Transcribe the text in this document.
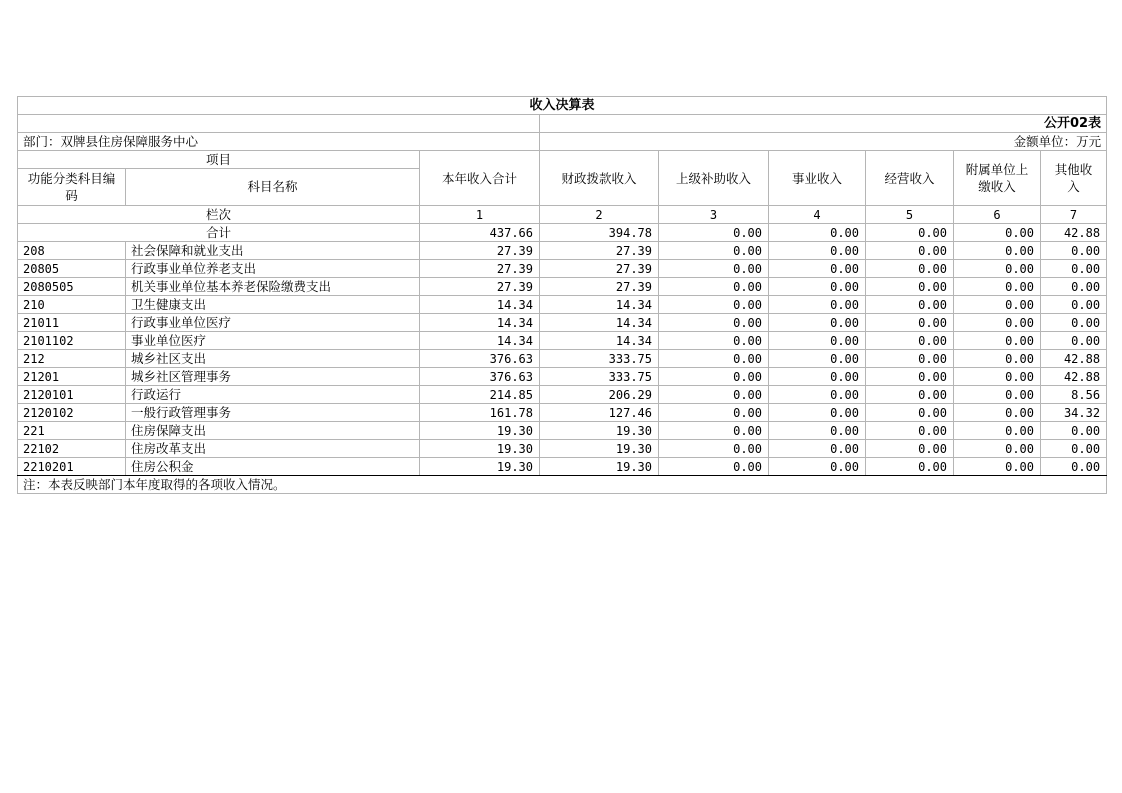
收入决算表								
			公开02表					
部门：双牌县住房保障服务中心			金额单位：万元					
项目		本年收入合计	财政拨款收入	上级补助收入	事业收入	经营收入	附属单位上缴收入	其他收入
功能分类科目编码	科目名称							
栏次		1	2	3	4	5	6	7
合计		437.66	394.78	0.00	0.00	0.00	0.00	42.88
208	社会保障和就业支出	27.39	27.39	0.00	0.00	0.00	0.00	0.00
20805	行政事业单位养老支出	27.39	27.39	0.00	0.00	0.00	0.00	0.00
2080505	机关事业单位基本养老保险缴费支出	27.39	27.39	0.00	0.00	0.00	0.00	0.00
210	卫生健康支出	14.34	14.34	0.00	0.00	0.00	0.00	0.00
21011	行政事业单位医疗	14.34	14.34	0.00	0.00	0.00	0.00	0.00
2101102	事业单位医疗	14.34	14.34	0.00	0.00	0.00	0.00	0.00
212	城乡社区支出	376.63	333.75	0.00	0.00	0.00	0.00	42.88
21201	城乡社区管理事务	376.63	333.75	0.00	0.00	0.00	0.00	42.88
2120101	行政运行	214.85	206.29	0.00	0.00	0.00	0.00	8.56
2120102	一般行政管理事务	161.78	127.46	0.00	0.00	0.00	0.00	34.32
221	住房保障支出	19.30	19.30	0.00	0.00	0.00	0.00	0.00
22102	住房改革支出	19.30	19.30	0.00	0.00	0.00	0.00	0.00
2210201	住房公积金	19.30	19.30	0.00	0.00	0.00	0.00	0.00
注：本表反映部门本年度取得的各项收入情况。								
